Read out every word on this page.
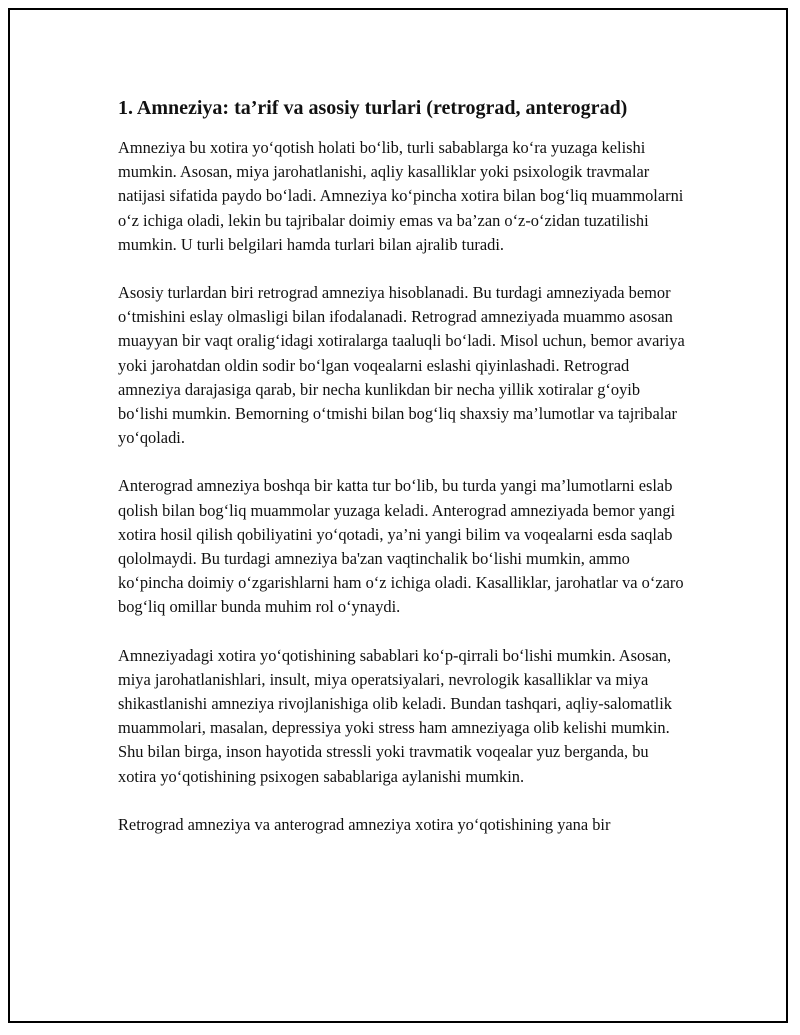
1. Amneziya: ta’rif va asosiy turlari (retrograd, anterograd)

Amneziya bu xotira yo‘qotish holati bo‘lib, turli sabablarga ko‘ra yuzaga kelishi mumkin. Asosan, miya jarohatlanishi, aqliy kasalliklar yoki psixologik travmalar natijasi sifatida paydo bo‘ladi. Amneziya ko‘pincha xotira bilan bog‘liq muammolarni o‘z ichiga oladi, lekin bu tajribalar doimiy emas va ba’zan o‘z-o‘zidan tuzatilishi mumkin. U turli belgilari hamda turlari bilan ajralib turadi.

Asosiy turlardan biri retrograd amneziya hisoblanadi. Bu turdagi amneziyada bemor o‘tmishini eslay olmasligi bilan ifodalanadi. Retrograd amneziyada muammo asosan muayyan bir vaqt oralig‘idagi xotiralarga taaluqli bo‘ladi. Misol uchun, bemor avariya yoki jarohatdan oldin sodir bo‘lgan voqealarni eslashi qiyinlashadi. Retrograd amneziya darajasiga qarab, bir necha kunlikdan bir necha yillik xotiralar g‘oyib bo‘lishi mumkin. Bemorning o‘tmishi bilan bog‘liq shaxsiy ma’lumotlar va tajribalar yo‘qoladi.

Anterograd amneziya boshqa bir katta tur bo‘lib, bu turda yangi ma’lumotlarni eslab qolish bilan bog‘liq muammolar yuzaga keladi. Anterograd amneziyada bemor yangi xotira hosil qilish qobiliyatini yo‘qotadi, ya’ni yangi bilim va voqealarni esda saqlab qololmaydi. Bu turdagi amneziya ba'zan vaqtinchalik bo‘lishi mumkin, ammo ko‘pincha doimiy o‘zgarishlarni ham o‘z ichiga oladi. Kasalliklar, jarohatlar va o‘zaro bog‘liq omillar bunda muhim rol o‘ynaydi.

Amneziyadagi xotira yo‘qotishining sabablari ko‘p-qirrali bo‘lishi mumkin. Asosan, miya jarohatlanishlari, insult, miya operatsiyalari, nevrologik kasalliklar va miya shikastlanishi amneziya rivojlanishiga olib keladi. Bundan tashqari, aqliy-salomatlik muammolari, masalan, depressiya yoki stress ham amneziyaga olib kelishi mumkin. Shu bilan birga, inson hayotida stressli yoki travmatik voqealar yuz berganda, bu xotira yo‘qotishining psixogen sabablariga aylanishi mumkin.

Retrograd amneziya va anterograd amneziya xotira yo‘qotishining yana bir
